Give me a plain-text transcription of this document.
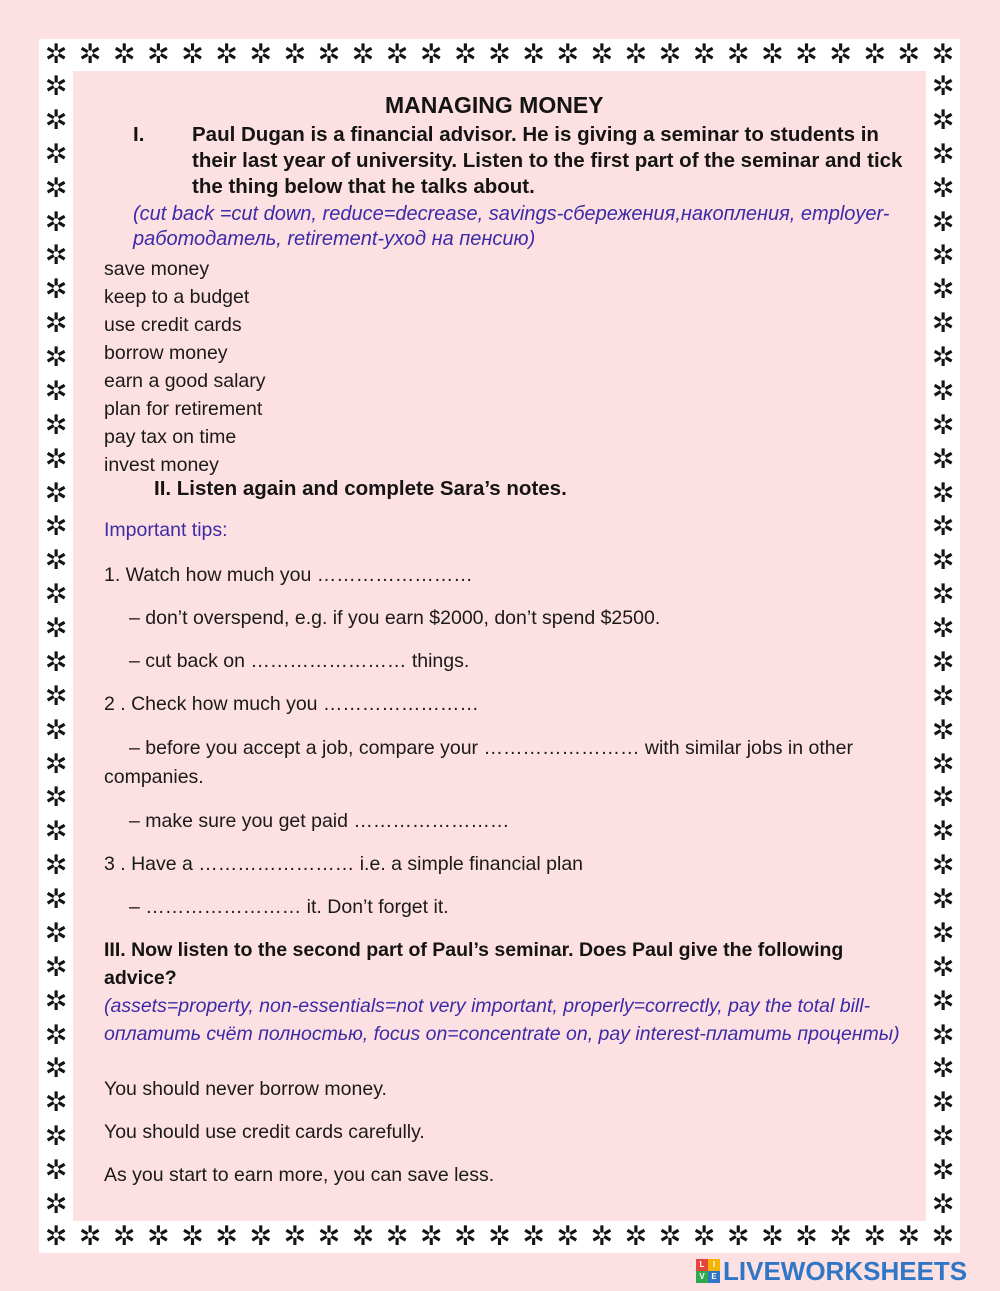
✲ ✲ ✲ ✲ ✲ ✲ ✲ ✲ ✲ ✲ ✲ ✲ ✲ ✲ ✲ ✲ ✲ ✲ ✲ ✲ ✲ ✲ ✲ ✲ ✲ ✲ ✲
✲ ✲ ✲ ✲ ✲ ✲ ✲ ✲ ✲ ✲ ✲ ✲ ✲ ✲ ✲ ✲ ✲ ✲ ✲ ✲ ✲ ✲ ✲ ✲ ✲ ✲ ✲
✲
✲
✲
✲
✲
✲
✲
✲
✲
✲
✲
✲
✲
✲
✲
✲
✲
✲
✲
✲
✲
✲
✲
✲
✲
✲
✲
✲
✲
✲
✲
✲
✲
✲
✲
✲
✲
✲
✲
✲
✲
✲
✲
✲
✲
✲
✲
✲
✲
✲
✲
✲
✲
✲
✲
✲
✲
✲
✲
✲
✲
✲
✲
✲
✲
✲
✲
✲
MANAGING MONEY
I. Paul Dugan is a financial advisor. He is giving a seminar to students in their last year of university. Listen to the first part of the seminar and tick the thing below that he talks about.
(cut back =cut down, reduce=decrease, savings-сбережения,накопления, employer- работодатель, retirement-уход на пенсию)
save money
keep to a budget
use credit cards
borrow money
earn a good salary
plan for retirement
pay tax on time
invest money
II. Listen again and complete Sara’s notes.
Important tips:
1. Watch how much you ……………………
– don’t overspend, e.g. if you earn $2000, don’t spend $2500.
– cut back on …………………… things.
2 . Check how much you ……………………
– before you accept a job, compare your …………………… with similar jobs in other
companies.
– make sure you get paid ……………………
3 . Have a …………………… i.e. a simple financial plan
– …………………… it. Don’t forget it.
III. Now listen to the second part of Paul’s seminar. Does Paul give the following advice?
(assets=property, non-essentials=not very important, properly=correctly, pay the total bill-оплатить счёт полностью, focus on=concentrate on, pay interest-платить проценты)
You should never borrow money.
You should use credit cards carefully.
As you start to earn more, you can save less.
L	I
V E LIVEWORKSHEETS
